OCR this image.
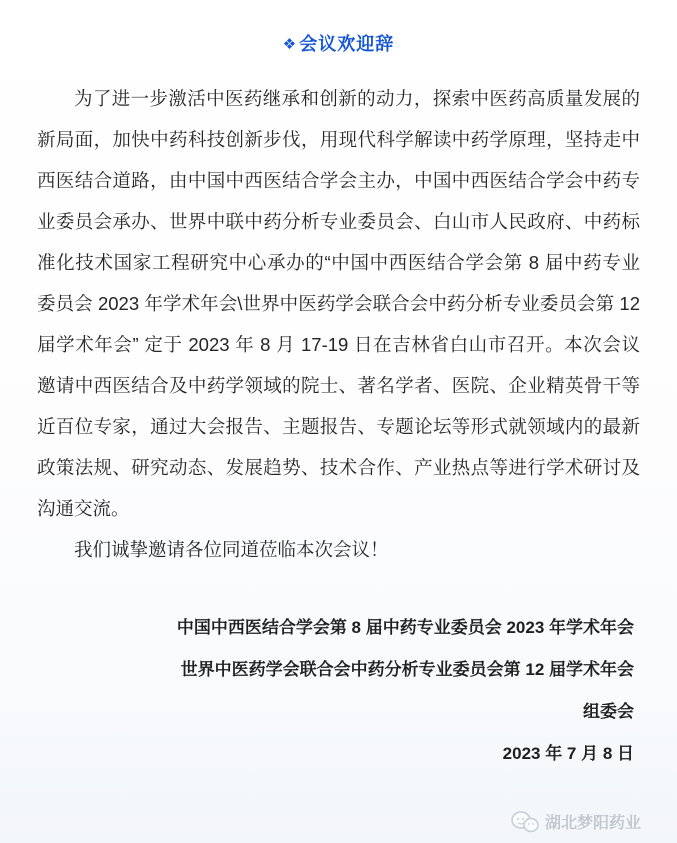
❖ 会议欢迎辞
为了进一步激活中医药继承和创新的动力，探索中医药高质量发展的
新局面，加快中药科技创新步伐，用现代科学解读中药学原理，坚持走中
西医结合道路，由中国中西医结合学会主办，中国中西医结合学会中药专
业委员会承办、世界中联中药分析专业委员会、白山市人民政府、中药标
准化技术国家工程研究中心承办的“中国中西医结合学会第 8 届中药专业
委员会 2023 年学术年会\世界中医药学会联合会中药分析专业委员会第 12
届学术年会” 定于 2023 年 8 月 17-19 日在吉林省白山市召开。本次会议
邀请中西医结合及中药学领域的院士、著名学者、医院、企业精英骨干等
近百位专家，通过大会报告、主题报告、专题论坛等形式就领域内的最新
政策法规、研究动态、发展趋势、技术合作、产业热点等进行学术研讨及
沟通交流。
我们诚挚邀请各位同道莅临本次会议！
中国中西医结合学会第 8 届中药专业委员会 2023 年学术年会
世界中医药学会联合会中药分析专业委员会第 12 届学术年会
组委会
2023 年 7 月 8 日
湖北梦阳药业
